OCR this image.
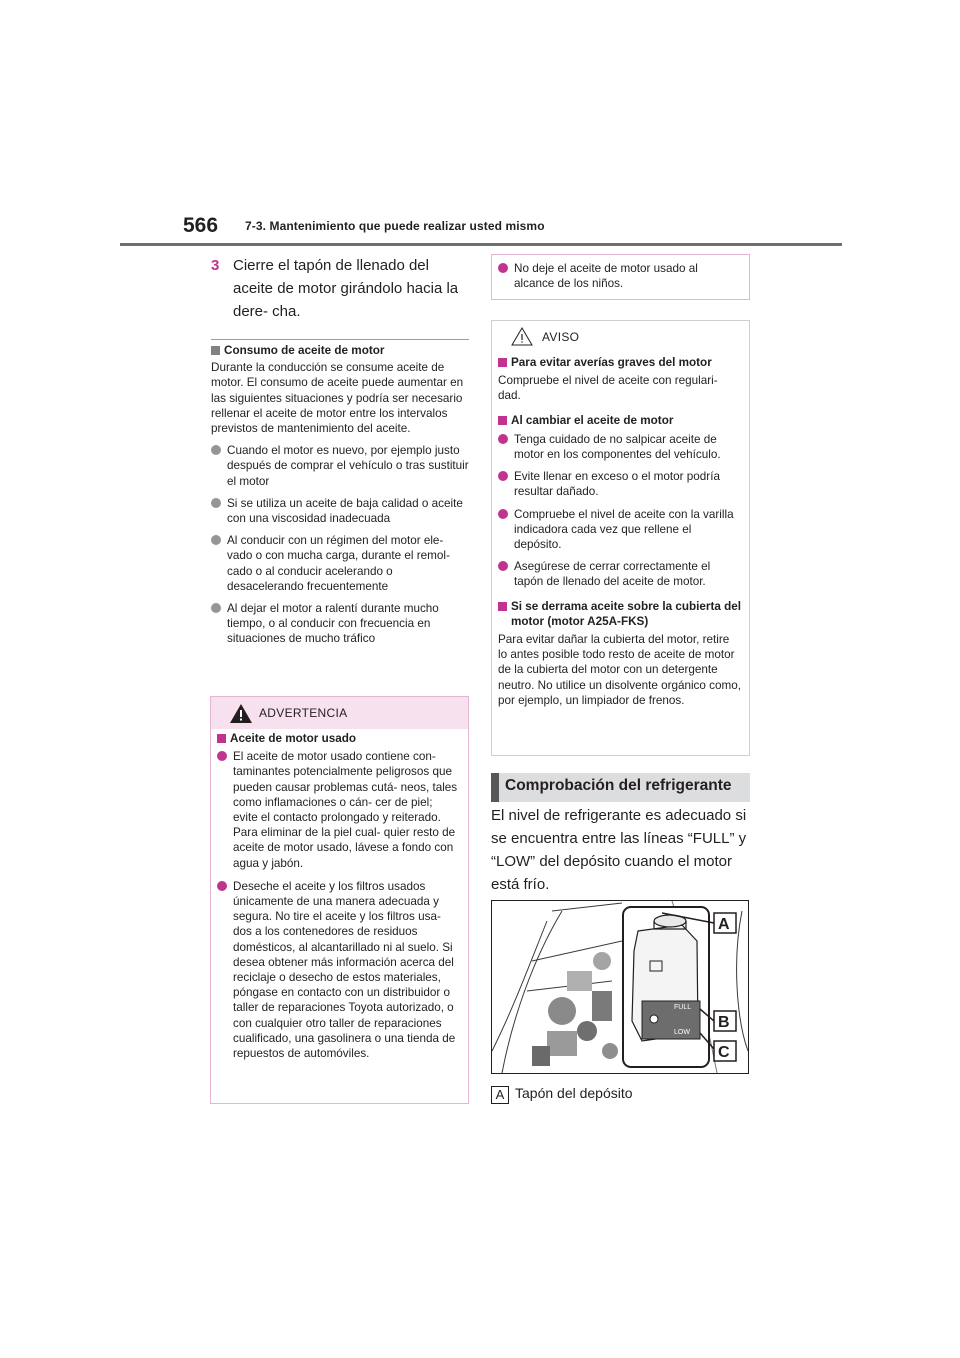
566 7-3. Mantenimiento que puede realizar usted mismo
3 Cierre el tapón de llenado del aceite de motor girándolo hacia la dere- cha.
Consumo de aceite de motor
Durante la conducción se consume aceite de motor. El consumo de aceite puede aumentar en las siguientes situaciones y podría ser necesario rellenar el aceite de motor entre los intervalos previstos de mantenimiento del aceite.
Cuando el motor es nuevo, por ejemplo justo después de comprar el vehículo o tras sustituir el motor
Si se utiliza un aceite de baja calidad o aceite con una viscosidad inadecuada
Al conducir con un régimen del motor ele- vado o con mucha carga, durante el remol- cado o al conducir acelerando o desacelerando frecuentemente
Al dejar el motor a ralentí durante mucho tiempo, o al conducir con frecuencia en situaciones de mucho tráfico
ADVERTENCIA
Aceite de motor usado
El aceite de motor usado contiene con- taminantes potencialmente peligrosos que pueden causar problemas cutá- neos, tales como inflamaciones o cán- cer de piel; evite el contacto prolongado y reiterado. Para eliminar de la piel cual- quier resto de aceite de motor usado, lávese a fondo con agua y jabón.
Deseche el aceite y los filtros usados únicamente de una manera adecuada y segura. No tire el aceite y los filtros usa- dos a los contenedores de residuos domésticos, al alcantarillado ni al suelo. Si desea obtener más información acerca del reciclaje o desecho de estos materiales, póngase en contacto con un distribuidor o taller de reparaciones Toyota autorizado, o con cualquier otro taller de reparaciones cualificado, una gasolinera o una tienda de repuestos de automóviles.
No deje el aceite de motor usado al alcance de los niños.
AVISO
Para evitar averías graves del motor
Compruebe el nivel de aceite con regulari- dad.
Al cambiar el aceite de motor
Tenga cuidado de no salpicar aceite de motor en los componentes del vehículo.
Evite llenar en exceso o el motor podría resultar dañado.
Compruebe el nivel de aceite con la varilla indicadora cada vez que rellene el depósito.
Asegúrese de cerrar correctamente el tapón de llenado del aceite de motor.
Si se derrama aceite sobre la cubierta del motor (motor A25A-FKS)
Para evitar dañar la cubierta del motor, retire lo antes posible todo resto de aceite de motor de la cubierta del motor con un detergente neutro. No utilice un disolvente orgánico como, por ejemplo, un limpiador de frenos.
Comprobación del refrigerante
El nivel de refrigerante es adecuado si se encuentra entre las líneas “FULL” y “LOW” del depósito cuando el motor está frío.
FULL
LOW
A
B
C
A Tapón del depósito
